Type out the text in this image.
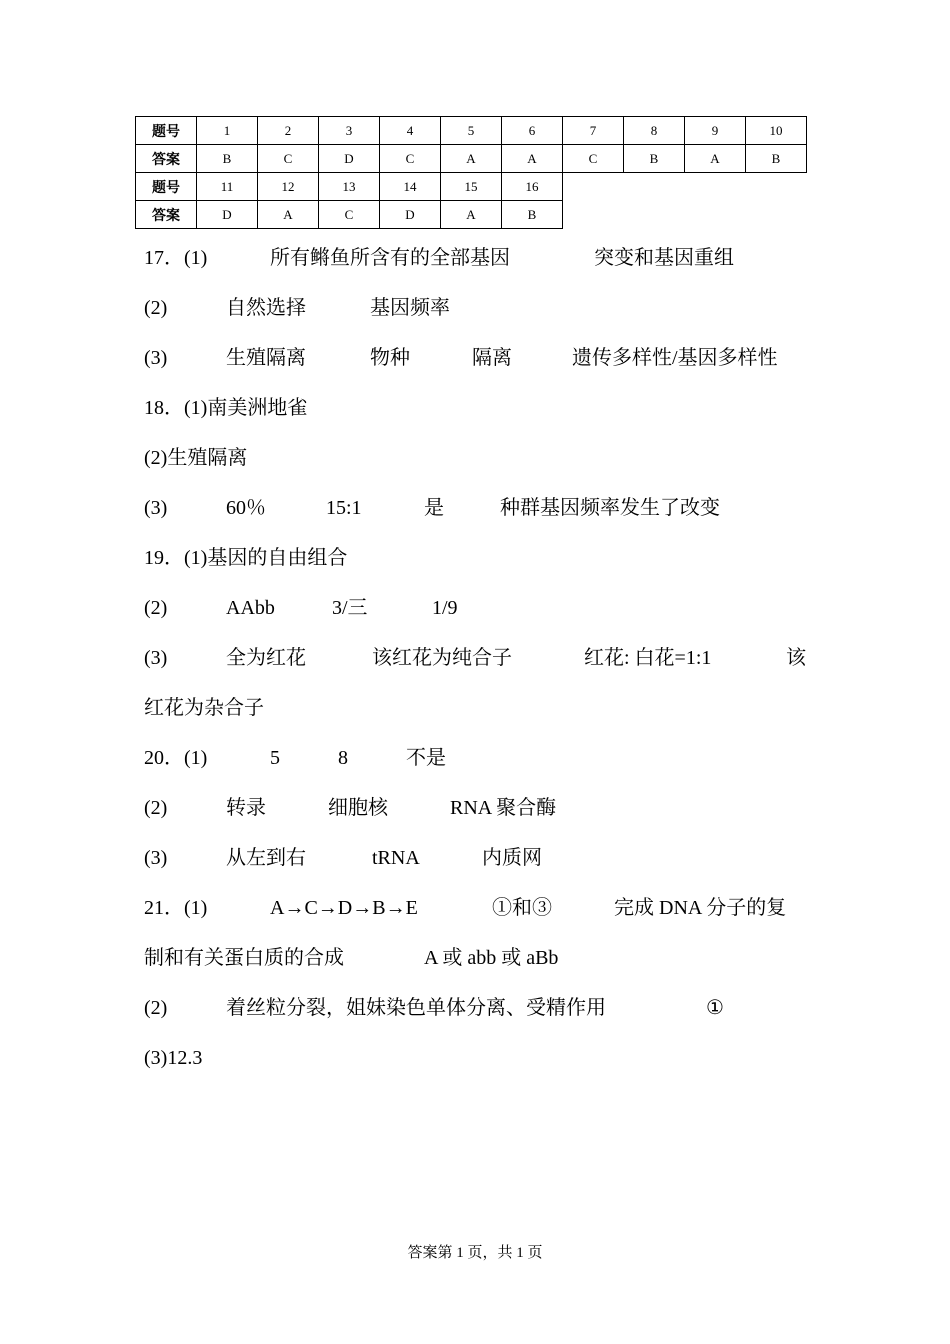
题号	1	2	3	4	5	6	7	8	9	10
答案	B	C	D	C	A	A	C	B	A	B
题号	11	12	13	14	15	16				
答案	D	A	C	D	A	B				
17．(1)	所有鳉鱼所含有的全部基因	突变和基因重组
(2)	自然选择	基因频率
(3)	生殖隔离	物种	隔离	遗传多样性/基因多样性
18．(1)南美洲地雀
(2)生殖隔离
(3)	60％	15:1	是	种群基因频率发生了改变
19．(1)基因的自由组合
(2)	AAbb	3/三	1/9
(3)	全为红花	该红花为纯合子	红花: 白花=1:1	该
红花为杂合子
20．(1)	5	8	不是
(2)	转录	细胞核	RNA 聚合酶
(3)	从左到右	tRNA	内质网
21．(1)	A→C→D→B→E	①和③	完成 DNA 分子的复
制和有关蛋白质的合成	A 或 abb 或 aBb
(2)	着丝粒分裂，姐妹染色单体分离、受精作用	①
(3)12.3
答案第 1 页，共 1 页
